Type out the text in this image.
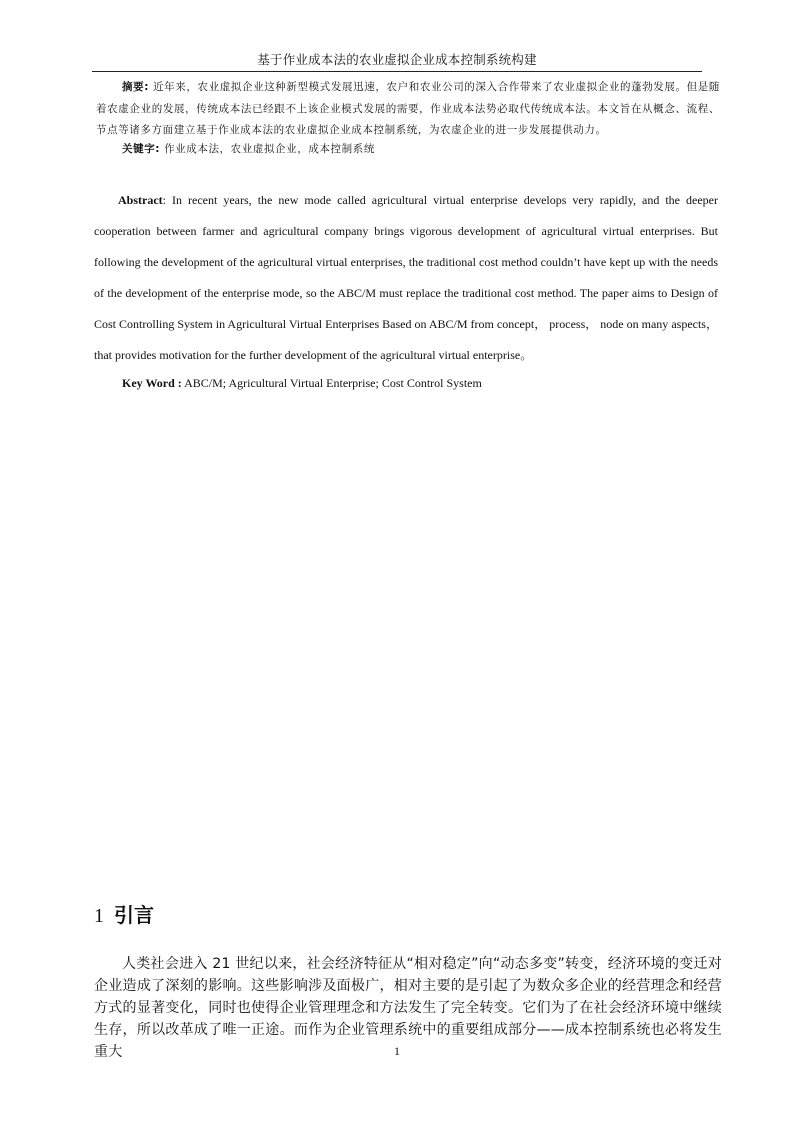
基于作业成本法的农业虚拟企业成本控制系统构建
摘要: 近年来，农业虚拟企业这种新型模式发展迅速，农户和农业公司的深入合作带来了农业虚拟企业的蓬勃发展。但是随着农虚企业的发展，传统成本法已经跟不上该企业模式发展的需要，作业成本法势必取代传统成本法。本文旨在从概念、流程、节点等诸多方面建立基于作业成本法的农业虚拟企业成本控制系统，为农虚企业的进一步发展提供动力。
关键字: 作业成本法，农业虚拟企业，成本控制系统
Abstract: In recent years, the new mode called agricultural virtual enterprise develops very rapidly, and the deeper cooperation between farmer and agricultural company brings vigorous development of agricultural virtual enterprises. But following the development of the agricultural virtual enterprises, the traditional cost method couldn’t have kept up with the needs of the development of the enterprise mode, so the ABC/M must replace the traditional cost method. The paper aims to Design of Cost Controlling System in Agricultural Virtual Enterprises Based on ABC/M from concept， process， node on many aspects， that provides motivation for the further development of the agricultural virtual enterprise。
Key Word : ABC/M; Agricultural Virtual Enterprise; Cost Control System
1 引言
人类社会进入 21 世纪以来，社会经济特征从“相对稳定”向“动态多变”转变，经济环境的变迁对企业造成了深刻的影响。这些影响涉及面极广，相对主要的是引起了为数众多企业的经营理念和经营方式的显著变化，同时也使得企业管理理念和方法发生了完全转变。它们为了在社会经济环境中继续生存，所以改革成了唯一正途。而作为企业管理系统中的重要组成部分——成本控制系统也必将发生重大	1
